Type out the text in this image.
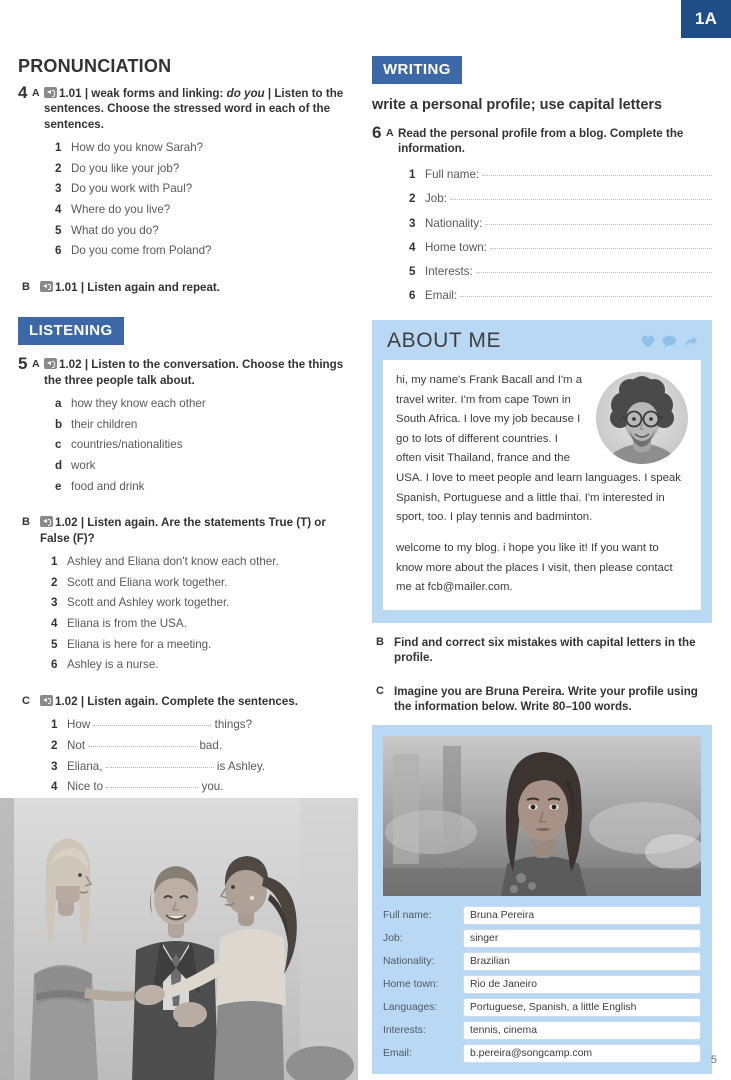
1A
PRONUNCIATION
4 A	1.01 | weak forms and linking: do you | Listen to the sentences. Choose the stressed word in each of the sentences.
1 How do you know Sarah?
2 Do you like your job?
3 Do you work with Paul?
4 Where do you live?
5 What do you do?
6 Do you come from Poland?
B	1.01 | Listen again and repeat.
LISTENING
5 A	1.02 | Listen to the conversation. Choose the things the three people talk about.
a how they know each other
b their children
c countries/nationalities
d work
e food and drink
B	1.02 | Listen again. Are the statements True (T) or False (F)?
1 Ashley and Eliana don't know each other.
2 Scott and Eliana work together.
3 Scott and Ashley work together.
4 Eliana is from the USA.
5 Eliana is here for a meeting.
6 Ashley is a nurse.
C	1.02 | Listen again. Complete the sentences.
1 How	things?
2 Not	bad.
3 Eliana,	is Ashley.
4 Nice to	you.
WRITING
write a personal profile; use capital letters
6 A Read the personal profile from a blog. Complete the information.
1 Full name:
2 Job:
3 Nationality:
4 Home town:
5 Interests:
6 Email:
ABOUT ME

hi, my name's Frank Bacall and I'm a travel writer. I'm from cape Town in South Africa. I love my job because I go to lots of different countries. I often visit Thailand, france and the USA. I love to meet people and learn languages. I speak Spanish, Portuguese and a little thai. I'm interested in sport, too. I play tennis and badminton.

welcome to my blog. i hope you like it! If you want to know more about the places I visit, then please contact me at fcb@mailer.com.

B Find and correct six mistakes with capital letters in the profile.
C Imagine you are Bruna Pereira. Write your profile using the information below. Write 80–100 words.
Full name:	Bruna Pereira
Job:	singer
Nationality:	Brazilian
Home town:	Rio de Janeiro
Languages:	Portuguese, Spanish, a little English
Interests:	tennis, cinema
Email:	b.pereira@songcamp.com
5
